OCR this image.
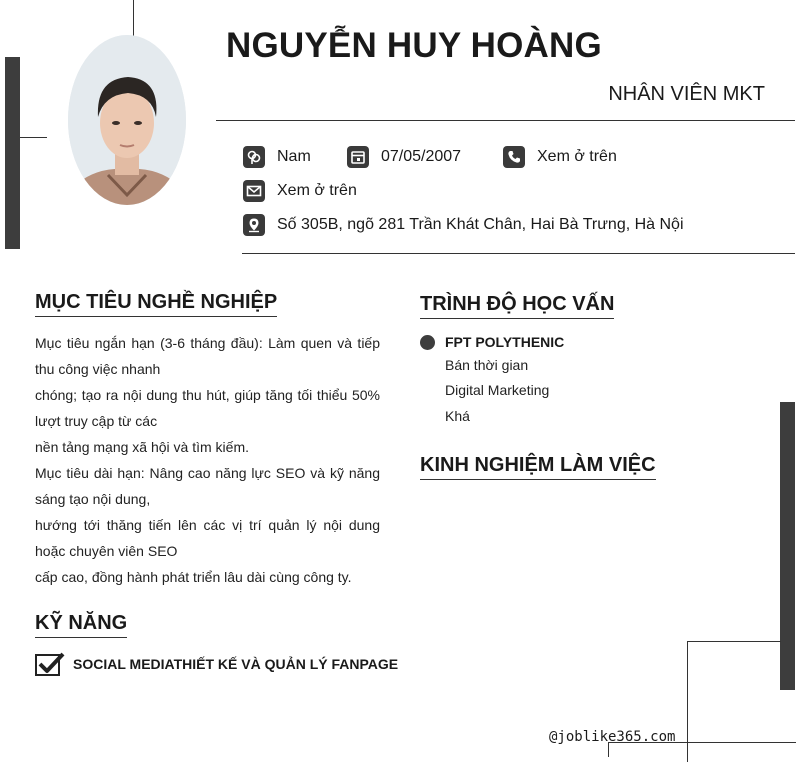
NGUYỄN HUY HOÀNG
NHÂN VIÊN MKT
Nam	07/05/2007	Xem ở trên
Xem ở trên
Số 305B, ngõ 281 Trần Khát Chân, Hai Bà Trưng, Hà Nội
MỤC TIÊU NGHỀ NGHIỆP

Mục tiêu ngắn hạn (3-6 tháng đầu): Làm quen và tiếp thu công việc nhanh

chóng; tạo ra nội dung thu hút, giúp tăng tối thiểu 50% lượt truy cập từ các

nền tảng mạng xã hội và tìm kiếm.

Mục tiêu dài hạn: Nâng cao năng lực SEO và kỹ năng sáng tạo nội dung,

hướng tới thăng tiến lên các vị trí quản lý nội dung hoặc chuyên viên SEO

cấp cao, đồng hành phát triển lâu dài cùng công ty.

KỸ NĂNG
SOCIAL MEDIATHIẾT KẾ VÀ QUẢN LÝ FANPAGE
TRÌNH ĐỘ HỌC VẤN
FPT POLYTHENIC
Bán thời gian
Digital Marketing
Khá
KINH NGHIỆM LÀM VIỆC
@joblike365.com
